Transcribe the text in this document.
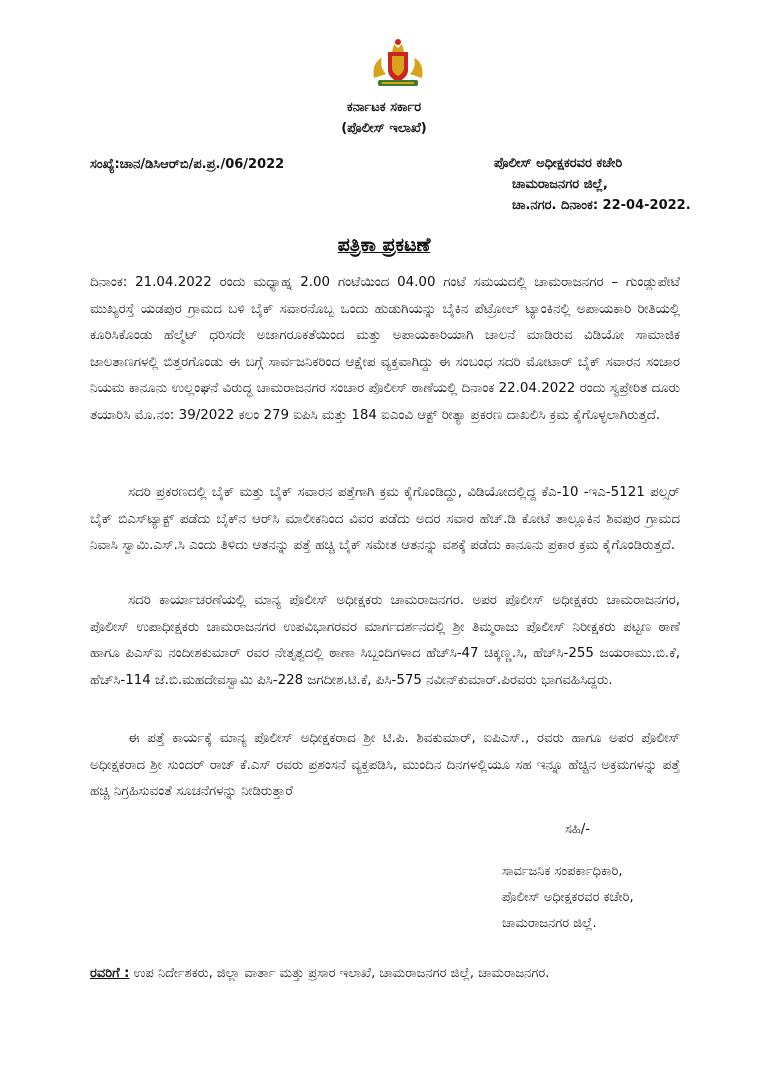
ಕರ್ನಾಟಕ ಸರ್ಕಾರ
(ಪೊಲೀಸ್ ಇಲಾಖೆ)
ಸಂಖ್ಯೆ:ಚಾನ/ಡಿಸಿಆರ್‌ಬಿ/ಪ.ಪ್ರ./06/2022	ಪೊಲೀಸ್ ಅಧೀಕ್ಷಕರವರ ಕಚೇರಿ
ಚಾಮರಾಜನಗರ ಜಿಲ್ಲೆ,
ಚಾ.ನಗರ. ದಿನಾಂಕ: 22-04-2022.
ಪತ್ರಿಕಾ ಪ್ರಕಟಣೆ

ದಿನಾಂಕ: 21.04.2022 ರಂದು ಮಧ್ಯಾಹ್ನ 2.00 ಗಂಟೆಯಿಂದ 04.00 ಗಂಟೆ ಸಮಯದಲ್ಲಿ ಚಾಮರಾಜನಗರ – ಗುಂಡ್ಲುಪೇಟೆ ಮುಖ್ಯರಸ್ತೆ ಯಡಪುರ ಗ್ರಾಮದ ಬಳಿ ಬೈಕ್ ಸವಾರನೊಬ್ಬ ಒಂದು ಹುಡುಗಿಯನ್ನು ಬೈಕಿನ ಪೆಟ್ರೋಲ್ ಟ್ಯಾಂಕಿನಲ್ಲಿ ಅಪಾಯಕಾರಿ ರೀತಿಯಲ್ಲಿ ಕೂರಿಸಿಕೊಂಡು ಹೆಲ್ಮೆಟ್ ಧರಿಸದೇ ಅಜಾಗರೂಕತೆಯಿಂದ ಮತ್ತು ಅಪಾಯಕಾರಿಯಾಗಿ ಚಾಲನೆ ಮಾಡಿರುವ ವಿಡಿಯೋ ಸಾಮಾಜಿಕ ಜಾಲತಾಣಗಳಲ್ಲಿ ಬಿತ್ತರಗೊಂಡು ಈ ಬಗ್ಗೆ ಸಾರ್ವಜನಿಕರಿಂದ ಆಕ್ಷೇಪ ವ್ಯಕ್ತವಾಗಿದ್ದು ಈ ಸಂಬಂಧ ಸದರಿ ಮೋಟಾರ್ ಬೈಕ್ ಸವಾರನ ಸಂಚಾರ ನಿಯಮ ಕಾನೂನು ಉಲ್ಲಂಘನೆ ವಿರುದ್ಧ ಚಾಮರಾಜನಗರ ಸಂಚಾರ ಪೊಲೀಸ್ ಠಾಣೆಯಲ್ಲಿ ದಿನಾಂಕ 22.04.2022 ರಂದು ಸ್ವಪ್ರೇರಿತ ದೂರು ತಯಾರಿಸಿ ಮೊ.ನಂ: 39/2022 ಕಲಂ 279 ಐಪಿಸಿ ಮತ್ತು 184 ಐಎಂವಿ ಆಕ್ಟ್ ರೀತ್ಯಾ ಪ್ರಕರಣ ದಾಖಲಿಸಿ ಕ್ರಮ ಕೈಗೊಳ್ಳಲಾಗಿರುತ್ತದೆ.

ಸದರಿ ಪ್ರಕರಣದಲ್ಲಿ ಬೈಕ್ ಮತ್ತು ಬೈಕ್ ಸವಾರನ ಪತ್ತೆಗಾಗಿ ಕ್ರಮ ಕೈಗೊಂಡಿದ್ದು, ವಿಡಿಯೋದಲ್ಲಿದ್ದ ಕೆಎ-10 -ಇಎ-5121 ಪಲ್ಸರ್ ಬೈಕ್ ಬಿಎಸ್‌ಟ್ಯಾಕ್ಟ್ ಪಡೆದು ಬೈಕ್‌ನ ಆರ್‌ಸಿ ಮಾಲೀಕನಿಂದ ವಿವರ ಪಡೆದು ಅದರ ಸವಾರ ಹೆಚ್.ಡಿ ಕೋಟೆ ತಾಲ್ಲೂಕಿನ ಶಿವಪುರ ಗ್ರಾಮದ ನಿವಾಸಿ ಸ್ವಾಮಿ.ಎಸ್.ಸಿ ಎಂದು ತಿಳಿದು ಆತನನ್ನು ಪತ್ತೆ ಹಚ್ಚಿ ಬೈಕ್ ಸಮೇತ ಆತನನ್ನು ವಶಕ್ಕೆ ಪಡೆದು ಕಾನೂನು ಪ್ರಕಾರ ಕ್ರಮ ಕೈಗೊಂಡಿರುತ್ತದೆ.

ಸದರಿ ಕಾರ್ಯಾಚರಣೆಯಲ್ಲಿ ಮಾನ್ಯ ಪೊಲೀಸ್ ಅಧೀಕ್ಷಕರು ಚಾಮರಾಜನಗರ. ಅಪರ ಪೊಲೀಸ್ ಅಧೀಕ್ಷಕರು ಚಾಮರಾಜನಗರ, ಪೊಲೀಸ್ ಉಪಾಧೀಕ್ಷಕರು ಚಾಮರಾಜನಗರ ಉಪವಿಭಾಗರವರ ಮಾರ್ಗದರ್ಶನದಲ್ಲಿ ಶ್ರೀ ತಿಮ್ಮರಾಜು ಪೊಲೀಸ್ ನಿರೀಕ್ಷಕರು ಪಟ್ಟಣ ಠಾಣೆ ಹಾಗೂ ಪಿಎಸ್‌ಐ ನಂದೀಶಕುಮಾರ್ ರವರ ನೇತೃತ್ವದಲ್ಲಿ ಠಾಣಾ ಸಿಬ್ಬಂದಿಗಳಾದ ಹೆಚ್‌ಸಿ-47 ಚಿಕ್ಕಣ್ಣ.ಸಿ, ಹೆಚ್‌ಸಿ-255 ಜಯರಾಮು.ಬಿ.ಕೆ, ಹೆಚ್‌ಸಿ-114 ಜೆ.ಬಿ.ಮಹದೇವಸ್ವಾಮಿ ಪಿಸಿ-228 ಜಗದೀಶ.ಟಿ.ಕೆ, ಪಿಸಿ-575 ನವೀನ್‌ಕುಮಾರ್.ಪಿರವರು ಭಾಗವಹಿಸಿದ್ದರು.

ಈ ಪತ್ತೆ ಕಾರ್ಯಕ್ಕೆ ಮಾನ್ಯ ಪೊಲೀಸ್ ಅಧೀಕ್ಷಕರಾದ ಶ್ರೀ ಟಿ.ಪಿ. ಶಿವಕುಮಾರ್, ಐಪಿಎಸ್., ರವರು ಹಾಗೂ ಅಪರ ಪೊಲೀಸ್ ಅಧೀಕ್ಷಕರಾದ ಶ್ರೀ ಸುಂದರ್ ರಾಜ್ ಕೆ.ಎಸ್ ರವರು ಪ್ರಶಂಸನೆ ವ್ಯಕ್ತಪಡಿಸಿ, ಮುಂದಿನ ದಿನಗಳಲ್ಲಿಯೂ ಸಹ ಇನ್ನೂ ಹೆಚ್ಚಿನ ಅಕ್ರಮಗಳನ್ನು ಪತ್ತೆ ಹಚ್ಚಿ ನಿಗ್ರಹಿಸುವಂತೆ ಸೂಚನೆಗಳನ್ನು ನೀಡಿರುತ್ತಾರೆ

ಸಹಿ/-
ಸಾರ್ವಜನಿಕ ಸಂಪರ್ಕಾಧಿಕಾರಿ,
ಪೊಲೀಸ್ ಅಧೀಕ್ಷಕರವರ ಕಚೇರಿ,
ಚಾಮರಾಜನಗರ ಜಿಲ್ಲೆ.
ರವರಿಗೆ : ಉಪ ನಿರ್ದೇಶಕರು, ಜಿಲ್ಲಾ ವಾರ್ತಾ ಮತ್ತು ಪ್ರಸಾರ ಇಲಾಖೆ, ಚಾಮರಾಜನಗರ ಜಿಲ್ಲೆ, ಚಾಮರಾಜನಗರ.
